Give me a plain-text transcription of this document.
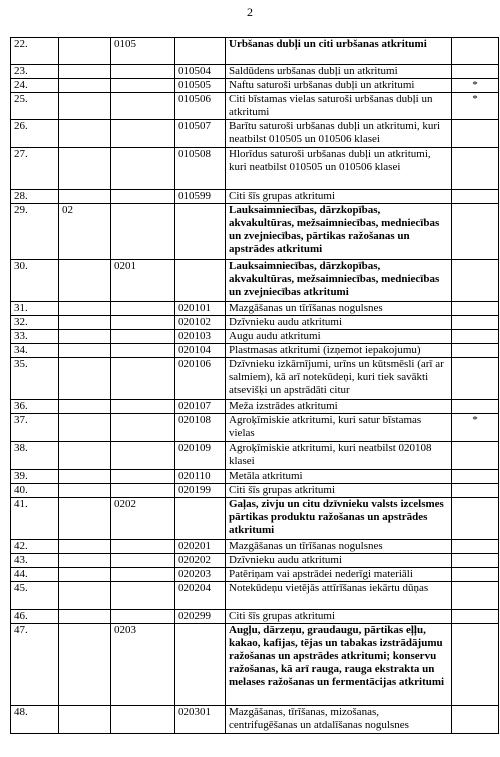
2
22.		0105		Urbšanas dubļi un citi urbšanas atkritumi	
23.			010504	Saldūdens urbšanas dubļi un atkritumi	
24.			010505	Naftu saturoši urbšanas dubļi un atkritumi	*
25.			010506	Citi bīstamas vielas saturoši urbšanas dubļi un atkritumi	*
26.			010507	Barītu saturoši urbšanas dubļi un atkritumi, kuri neatbilst 010505 un 010506 klasei	
27.			010508	Hlorīdus saturoši urbšanas dubļi un atkritumi, kuri neatbilst 010505 un 010506 klasei	
28.			010599	Citi šīs grupas atkritumi	
29.	02			Lauksaimniecības, dārzkopības, akvakultūras, mežsaimniecības, medniecības un zvejniecības, pārtikas ražošanas un apstrādes atkritumi	
30.		0201		Lauksaimniecības, dārzkopības, akvakultūras, mežsaimniecības, medniecības un zvejniecības atkritumi	
31.			020101	Mazgāšanas un tīrīšanas nogulsnes	
32.			020102	Dzīvnieku audu atkritumi	
33.			020103	Augu audu atkritumi	
34.			020104	Plastmasas atkritumi (izņemot iepakojumu)	
35.			020106	Dzīvnieku izkārnījumi, urīns un kūtsmēsli (arī ar salmiem), kā arī notekūdeņi, kuri tiek savākti atsevišķi un apstrādāti citur	
36.			020107	Meža izstrādes atkritumi	
37.			020108	Agroķīmiskie atkritumi, kuri satur bīstamas vielas	*
38.			020109	Agroķīmiskie atkritumi, kuri neatbilst 020108 klasei	
39.			020110	Metāla atkritumi	
40.			020199	Citi šīs grupas atkritumi	
41.		0202		Gaļas, zivju un citu dzīvnieku valsts izcelsmes pārtikas produktu ražošanas un apstrādes atkritumi	
42.			020201	Mazgāšanas un tīrīšanas nogulsnes	
43.			020202	Dzīvnieku audu atkritumi	
44.			020203	Patēriņam vai apstrādei nederīgi materiāli	
45.			020204	Notekūdeņu vietējās attīrīšanas iekārtu dūņas	
46.			020299	Citi šīs grupas atkritumi	
47.		0203		Augļu, dārzeņu, graudaugu, pārtikas eļļu, kakao, kafijas, tējas un tabakas izstrādājumu ražošanas un apstrādes atkritumi; konservu ražošanas, kā arī rauga, rauga ekstrakta un melases ražošanas un fermentācijas atkritumi	
48.			020301	Mazgāšanas, tīrīšanas, mizošanas, centrifugēšanas un atdalīšanas nogulsnes	
